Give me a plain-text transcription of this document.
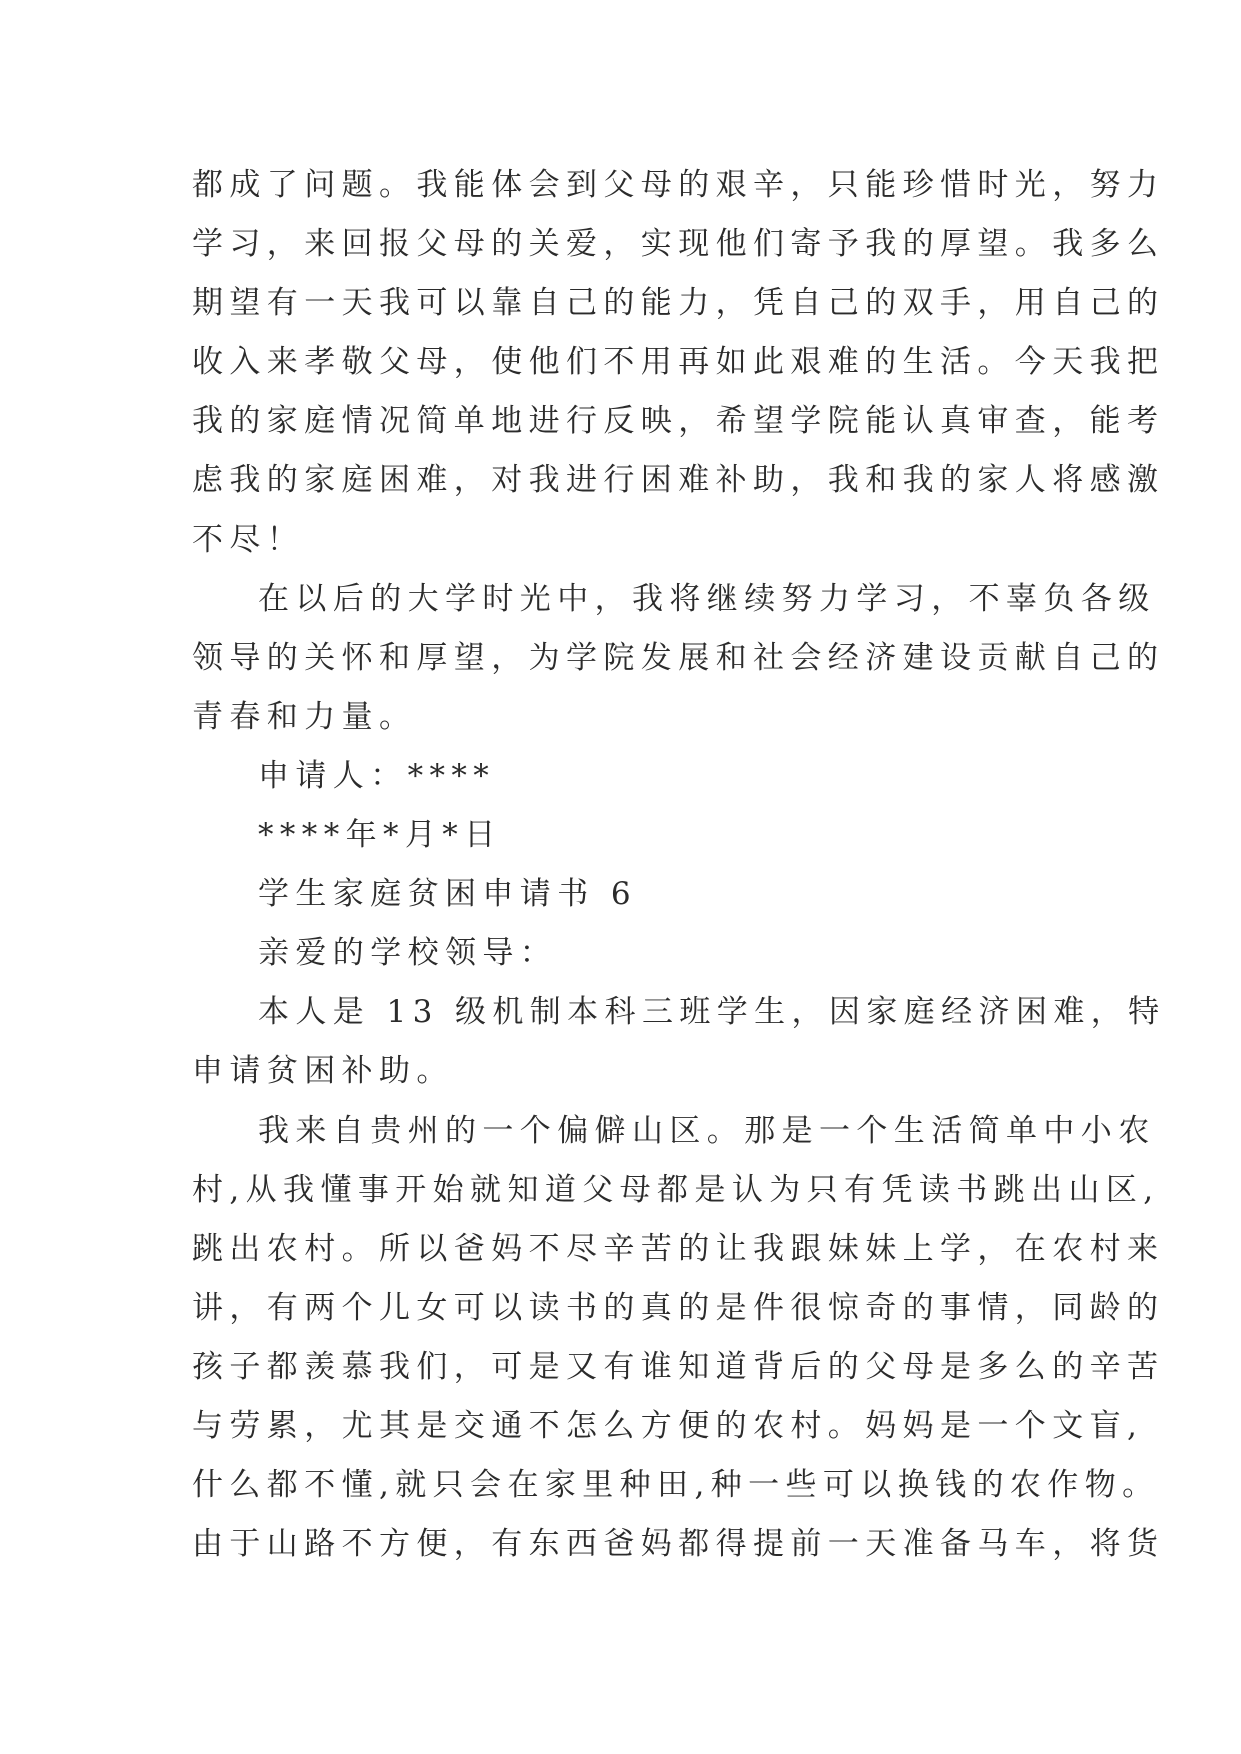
都成了问题。我能体会到父母的艰辛，只能珍惜时光，努力
学习，来回报父母的关爱，实现他们寄予我的厚望。我多么
期望有一天我可以靠自己的能力，凭自己的双手，用自己的
收入来孝敬父母，使他们不用再如此艰难的生活。今天我把
我的家庭情况简单地进行反映，希望学院能认真审查，能考
虑我的家庭困难，对我进行困难补助，我和我的家人将感激
不尽！
在以后的大学时光中，我将继续努力学习，不辜负各级
领导的关怀和厚望，为学院发展和社会经济建设贡献自己的
青春和力量。
申请人：****
****年*月*日
学生家庭贫困申请书 6
亲爱的学校领导：
本人是 13 级机制本科三班学生，因家庭经济困难，特
申请贫困补助。
我来自贵州的一个偏僻山区。那是一个生活简单中小农
村,从我懂事开始就知道父母都是认为只有凭读书跳出山区,
跳出农村。所以爸妈不尽辛苦的让我跟妹妹上学，在农村来
讲，有两个儿女可以读书的真的是件很惊奇的事情，同龄的
孩子都羡慕我们，可是又有谁知道背后的父母是多么的辛苦
与劳累，尤其是交通不怎么方便的农村。妈妈是一个文盲,
什么都不懂,就只会在家里种田,种一些可以换钱的农作物。
由于山路不方便，有东西爸妈都得提前一天准备马车，将货
